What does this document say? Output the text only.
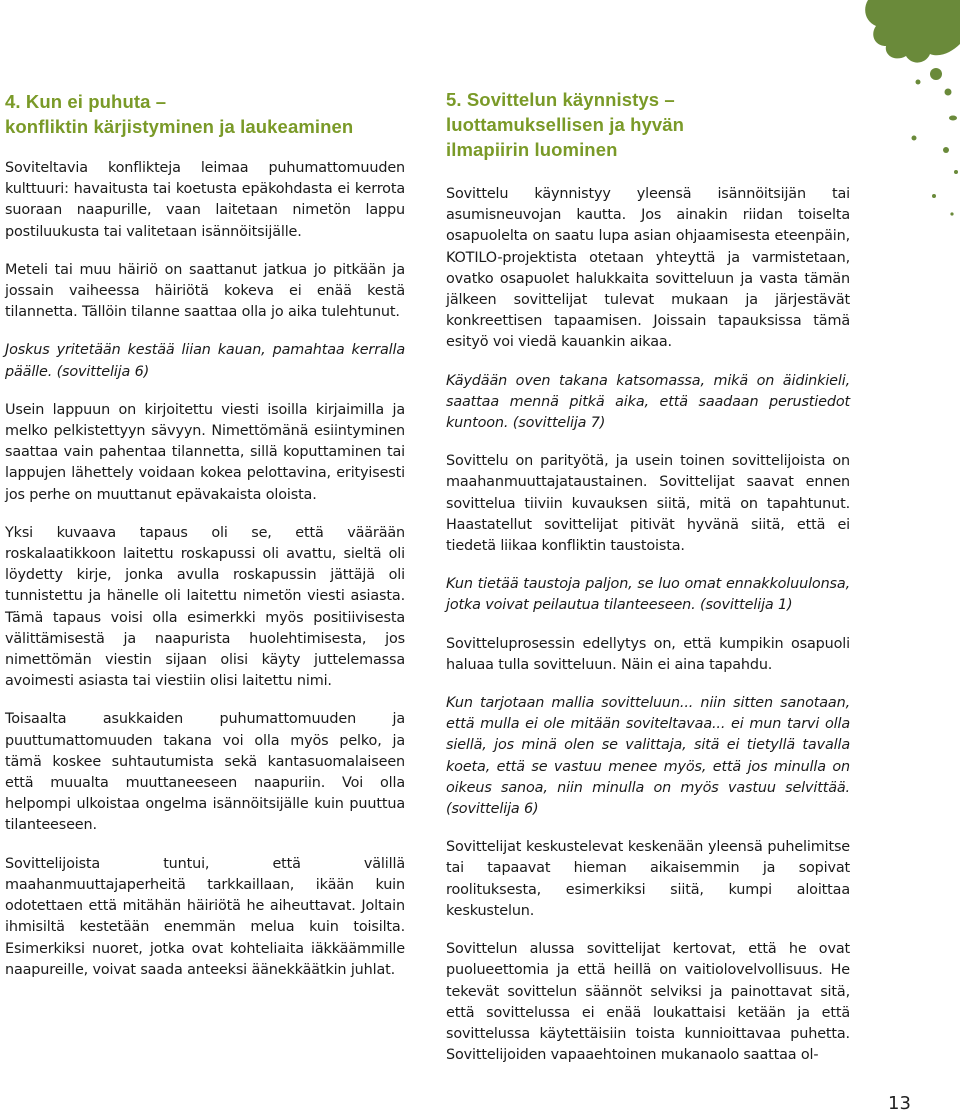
4. Kun ei puhuta –
konfliktin kärjistyminen ja laukeaminen

Soviteltavia konflikteja leimaa puhumattomuuden kulttuuri: havaitusta tai koetusta epäkohdasta ei kerrota suoraan naapurille, vaan laitetaan nimetön lappu postiluukusta tai valitetaan isännöitsijälle.

Meteli tai muu häiriö on saattanut jatkua jo pitkään ja jossain vaiheessa häiriötä kokeva ei enää kestä tilannetta. Tällöin tilanne saattaa olla jo aika tulehtunut.

Joskus yritetään kestää liian kauan, pamahtaa kerralla päälle. (sovittelija 6)

Usein lappuun on kirjoitettu viesti isoilla kirjaimilla ja melko pelkistettyyn sävyyn. Nimettömänä esiintyminen saattaa vain pahentaa tilannetta, sillä koputtaminen tai lappujen lähettely voidaan kokea pelottavina, erityisesti jos perhe on muuttanut epävakaista oloista.

Yksi kuvaava tapaus oli se, että väärään roskalaatikkoon laitettu roskapussi oli avattu, sieltä oli löydetty kirje, jonka avulla roskapussin jättäjä oli tunnistettu ja hänelle oli laitettu nimetön viesti asiasta. Tämä tapaus voisi olla esimerkki myös positiivisesta välittämisestä ja naapurista huolehtimisesta, jos nimettömän viestin sijaan olisi käyty juttelemassa avoimesti asiasta tai viestiin olisi laitettu nimi.

Toisaalta asukkaiden puhumattomuuden ja puuttumattomuuden takana voi olla myös pelko, ja tämä koskee suhtautumista sekä kantasuomalaiseen että muualta muuttaneeseen naapuriin. Voi olla helpompi ulkoistaa ongelma isännöitsijälle kuin puuttua tilanteeseen.

Sovittelijoista tuntui, että välillä maahanmuuttajaperheitä tarkkaillaan, ikään kuin odotettaen että mitähän häiriötä he aiheuttavat. Joltain ihmisiltä kestetään enemmän melua kuin toisilta. Esimerkiksi nuoret, jotka ovat kohteliaita iäkkäämmille naapureille, voivat saada anteeksi äänekkäätkin juhlat.

5. Sovittelun käynnistys –
luottamuksellisen ja hyvän
ilmapiirin luominen

Sovittelu käynnistyy yleensä isännöitsijän tai asumisneuvojan kautta. Jos ainakin riidan toiselta osapuolelta on saatu lupa asian ohjaamisesta eteenpäin, KOTILO-projektista otetaan yhteyttä ja varmistetaan, ovatko osapuolet halukkaita sovitteluun ja vasta tämän jälkeen sovittelijat tulevat mukaan ja järjestävät konkreettisen tapaamisen. Joissain tapauksissa tämä esityö voi viedä kauankin aikaa.

Käydään oven takana katsomassa, mikä on äidinkieli, saattaa mennä pitkä aika, että saadaan perustiedot kuntoon. (sovittelija 7)

Sovittelu on parityötä, ja usein toinen sovittelijoista on maahanmuuttajataustainen. Sovittelijat saavat ennen sovittelua tiiviin kuvauksen siitä, mitä on tapahtunut. Haastatellut sovittelijat pitivät hyvänä siitä, että ei tiedetä liikaa konfliktin taustoista.

Kun tietää taustoja paljon, se luo omat ennakkoluulonsa, jotka voivat peilautua tilanteeseen. (sovittelija 1)

Sovitteluprosessin edellytys on, että kumpikin osapuoli haluaa tulla sovitteluun. Näin ei aina tapahdu.

Kun tarjotaan mallia sovitteluun... niin sitten sanotaan, että mulla ei ole mitään soviteltavaa... ei mun tarvi olla siellä, jos minä olen se valittaja, sitä ei tietyllä tavalla koeta, että se vastuu menee myös, että jos minulla on oikeus sanoa, niin minulla on myös vastuu selvittää. (sovittelija 6)

Sovittelijat keskustelevat keskenään yleensä puhelimitse tai tapaavat hieman aikaisemmin ja sopivat roolituksesta, esimerkiksi siitä, kumpi aloittaa keskustelun.

Sovittelun alussa sovittelijat kertovat, että he ovat puolueettomia ja että heillä on vaitiolovelvollisuus. He tekevät sovittelun säännöt selviksi ja painottavat sitä, että sovittelussa ei enää loukattaisi ketään ja että sovittelussa käytettäisiin toista kunnioittavaa puhetta. Sovittelijoiden vapaaehtoinen mukanaolo saattaa ol-

13
